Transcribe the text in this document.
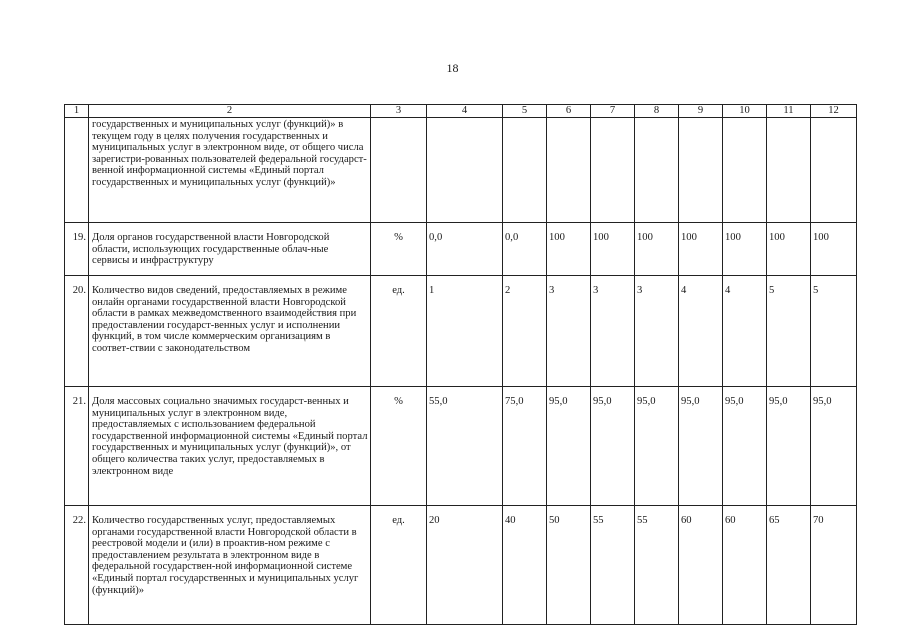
18
1	2	3	4	5	6	7	8	9	10	11	12
	государственных и муниципальных услуг (функций)» в текущем году в целях получения государственных и муниципальных услуг в электронном виде, от общего числа зарегистри-рованных пользователей федеральной государст-венной информационной системы «Единый портал государственных и муниципальных услуг (функций)»										
19.	Доля органов государственной власти Новгородской области, использующих государственные облач-ные сервисы и инфраструктуру	%	0,0	0,0	100	100	100	100	100	100	100
20.	Количество видов сведений, предоставляемых в режиме онлайн органами государственной власти Новгородской области в рамках межведомственного взаимодействия при предоставлении государст-венных услуг и исполнении функций, в том числе коммерческим организациям в соответ-ствии с законодательством	ед.	1	2	3	3	3	4	4	5	5
21.	Доля массовых социально значимых государст-венных и муниципальных услуг в электронном виде, предоставляемых с использованием федеральной государственной информационной системы «Единый портал государственных и муниципальных услуг (функций)», от общего количества таких услуг, предоставляемых в электронном виде	%	55,0	75,0	95,0	95,0	95,0	95,0	95,0	95,0	95,0
22.	Количество государственных услуг, предоставляемых органами государственной власти Новгородской области в реестровой модели и (или) в проактив-ном режиме с предоставлением результата в электронном виде в федеральной государствен-ной информационной системе «Единый портал государственных и муниципальных услуг (функций)»	ед.	20	40	50	55	55	60	60	65	70
